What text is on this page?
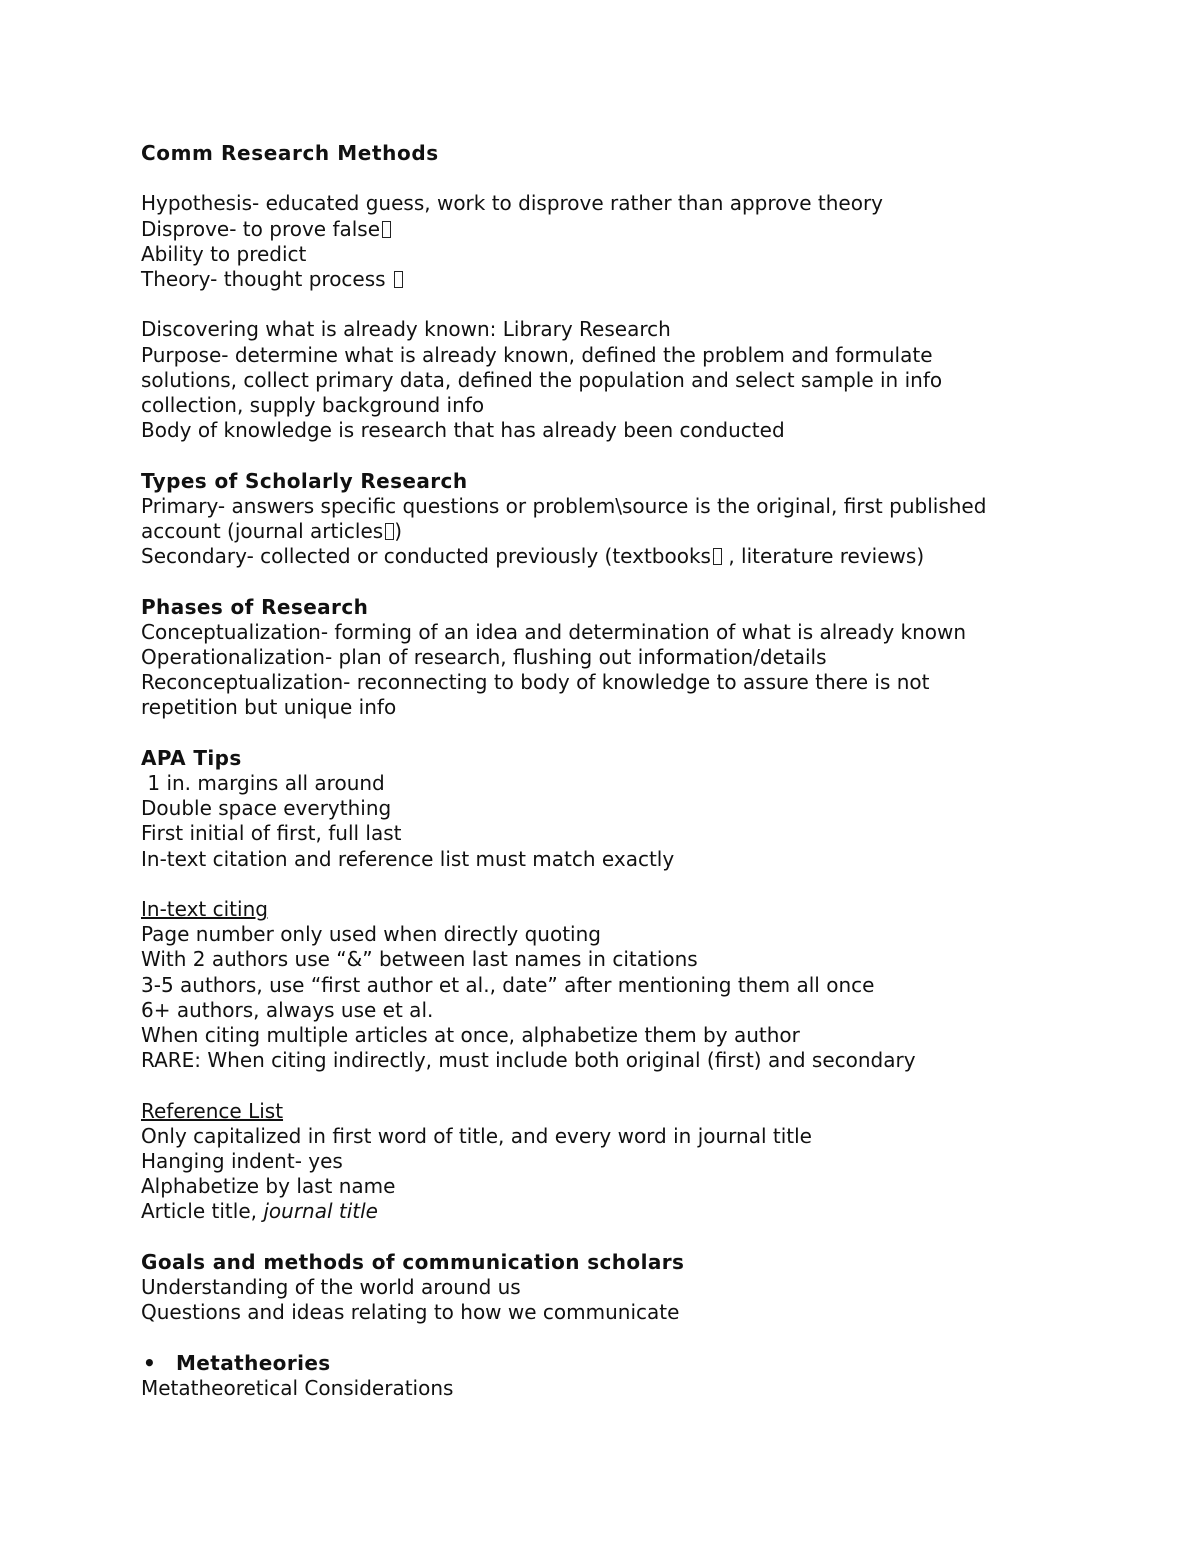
Comm Research Methods
Hypothesis- educated guess, work to disprove rather than approve theory
Disprove- to prove false
Ability to predict
Theory- thought process
Discovering what is already known: Library Research
Purpose- determine what is already known, defined the problem and formulate
solutions, collect primary data, defined the population and select sample in info
collection, supply background info
Body of knowledge is research that has already been conducted
Types of Scholarly Research
Primary- answers specific questions or problem\source is the original, first published
account (journal articles )
Secondary- collected or conducted previously (textbooks , literature reviews)
Phases of Research
Conceptualization- forming of an idea and determination of what is already known
Operationalization- plan of research, flushing out information/details
Reconceptualization- reconnecting to body of knowledge to assure there is not
repetition but unique info
APA Tips
1 in. margins all around
Double space everything
First initial of first, full last
In-text citation and reference list must match exactly
In-text citing
Page number only used when directly quoting
With 2 authors use “&” between last names in citations
3-5 authors, use “first author et al., date” after mentioning them all once
6+ authors, always use et al.
When citing multiple articles at once, alphabetize them by author
RARE: When citing indirectly, must include both original (first) and secondary
Reference List
Only capitalized in first word of title, and every word in journal title
Hanging indent- yes
Alphabetize by last name
Article title, journal title
Goals and methods of communication scholars
Understanding of the world around us
Questions and ideas relating to how we communicate
• Metatheories
Metatheoretical Considerations
